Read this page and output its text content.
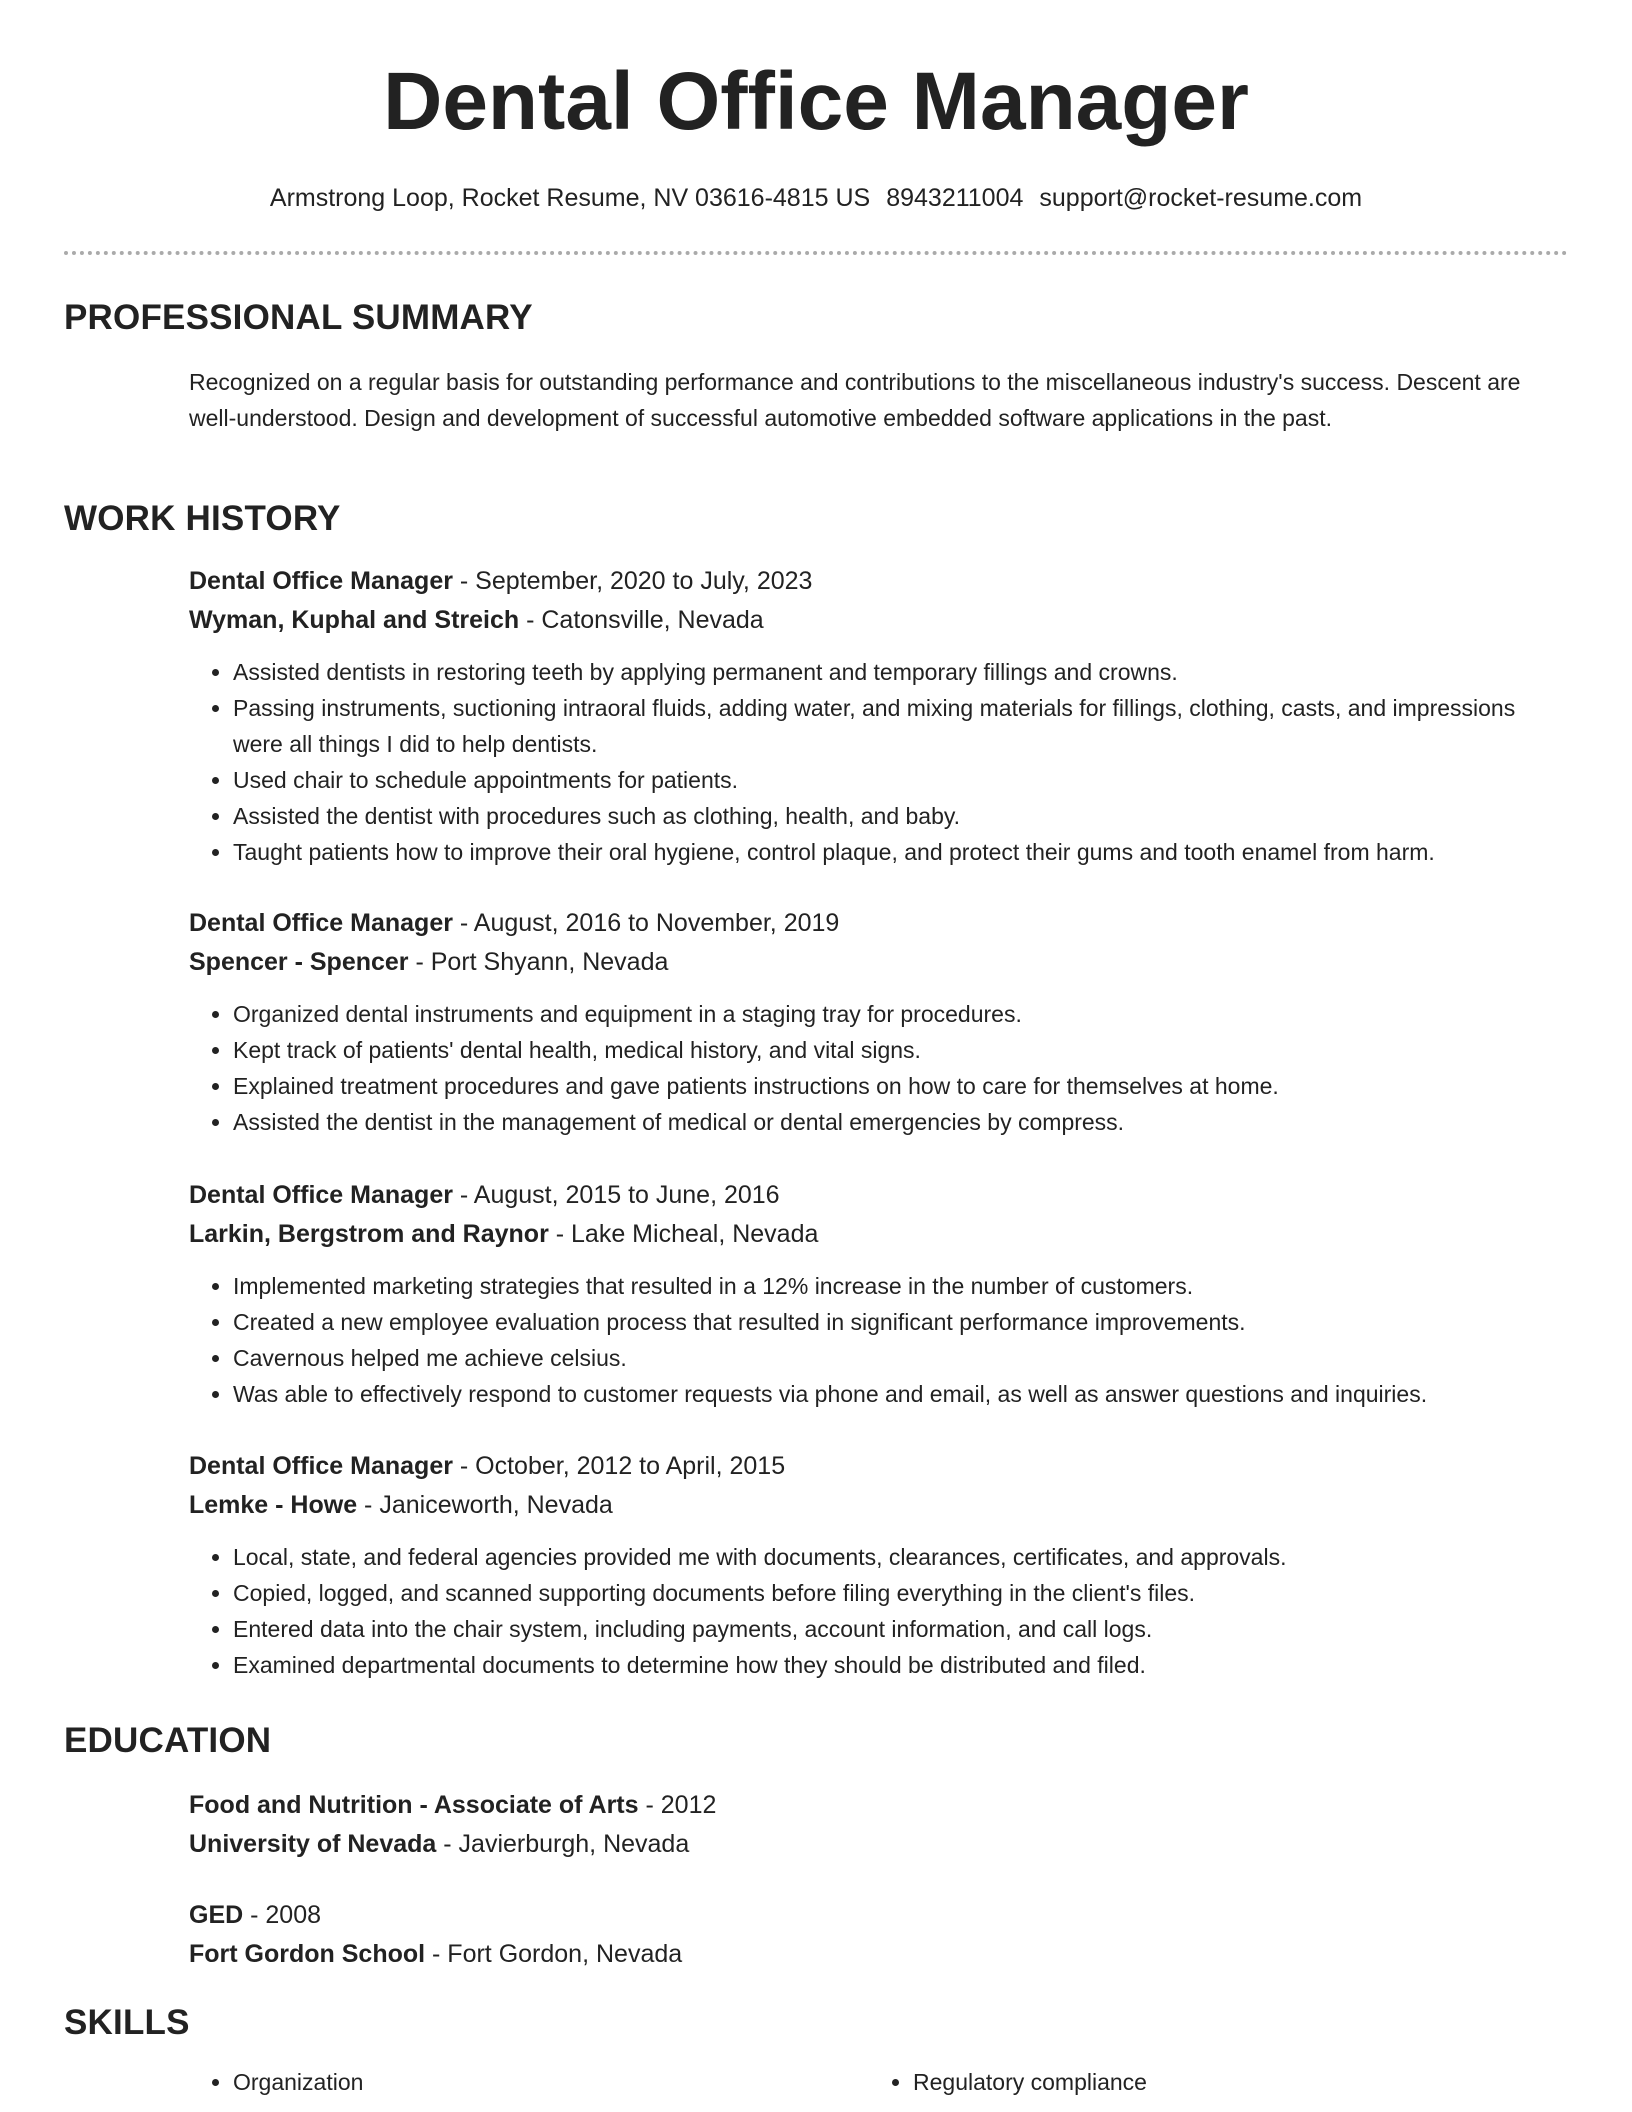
Dental Office Manager
Armstrong Loop, Rocket Resume, NV 03616-4815 US 8943211004 support@rocket-resume.com
PROFESSIONAL SUMMARY

Recognized on a regular basis for outstanding performance and contributions to the miscellaneous industry's success. Descent are well-understood. Design and development of successful automotive embedded software applications in the past.

WORK HISTORY
Dental Office Manager - September, 2020 to July, 2023
Wyman, Kuphal and Streich - Catonsville, Nevada
• Assisted dentists in restoring teeth by applying permanent and temporary fillings and crowns.
• Passing instruments, suctioning intraoral fluids, adding water, and mixing materials for fillings, clothing, casts, and impressions were all things I did to help dentists.
• Used chair to schedule appointments for patients.
• Assisted the dentist with procedures such as clothing, health, and baby.
• Taught patients how to improve their oral hygiene, control plaque, and protect their gums and tooth enamel from harm.
Dental Office Manager - August, 2016 to November, 2019
Spencer - Spencer - Port Shyann, Nevada
• Organized dental instruments and equipment in a staging tray for procedures.
• Kept track of patients' dental health, medical history, and vital signs.
• Explained treatment procedures and gave patients instructions on how to care for themselves at home.
• Assisted the dentist in the management of medical or dental emergencies by compress.
Dental Office Manager - August, 2015 to June, 2016
Larkin, Bergstrom and Raynor - Lake Micheal, Nevada
• Implemented marketing strategies that resulted in a 12% increase in the number of customers.
• Created a new employee evaluation process that resulted in significant performance improvements.
• Cavernous helped me achieve celsius.
• Was able to effectively respond to customer requests via phone and email, as well as answer questions and inquiries.
Dental Office Manager - October, 2012 to April, 2015
Lemke - Howe - Janiceworth, Nevada
• Local, state, and federal agencies provided me with documents, clearances, certificates, and approvals.
• Copied, logged, and scanned supporting documents before filing everything in the client's files.
• Entered data into the chair system, including payments, account information, and call logs.
• Examined departmental documents to determine how they should be distributed and filed.
EDUCATION
Food and Nutrition - Associate of Arts - 2012
University of Nevada - Javierburgh, Nevada
GED - 2008
Fort Gordon School - Fort Gordon, Nevada
SKILLS
• Organization
•	Regulatory compliance
